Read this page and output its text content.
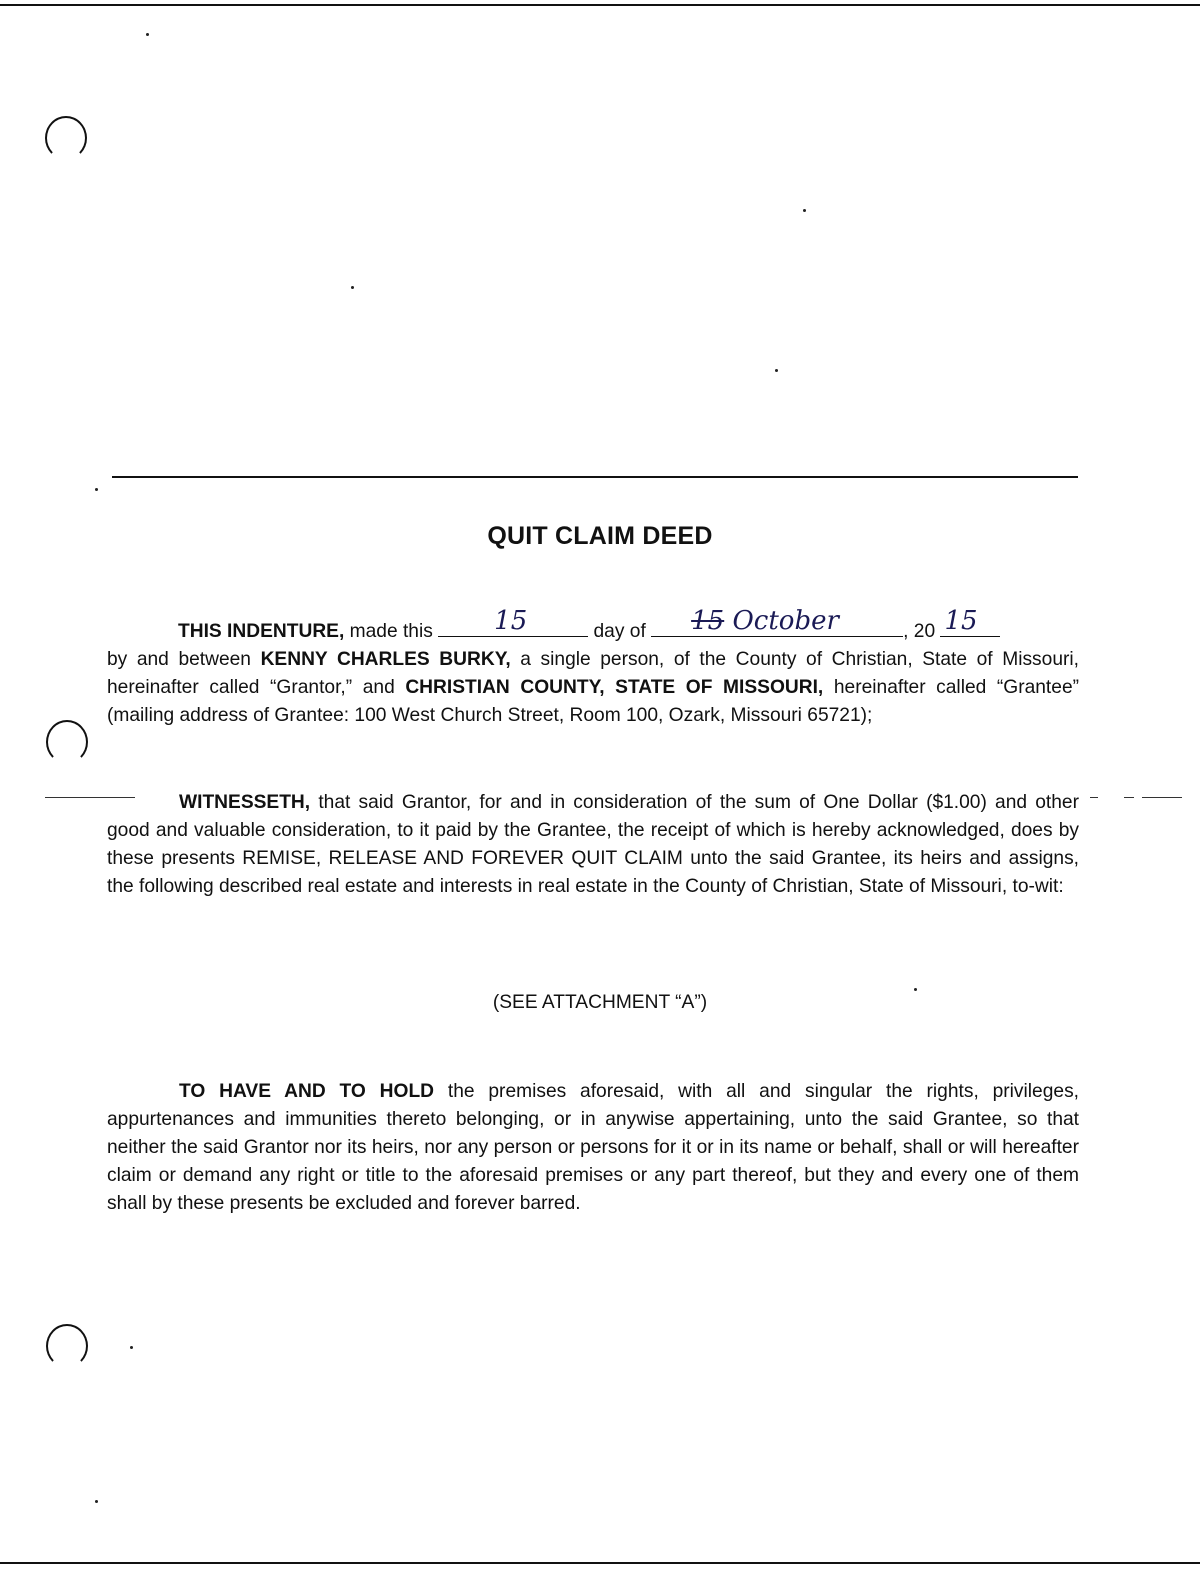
QUIT CLAIM DEED
THIS INDENTURE, made this 15	day of 15 October	, 20 15
by and between KENNY CHARLES BURKY, a single person, of the County of Christian, State of Missouri, hereinafter called “Grantor,” and CHRISTIAN COUNTY, STATE OF MISSOURI, hereinafter called “Grantee” (mailing address of Grantee: 100 West Church Street, Room 100, Ozark, Missouri 65721);
WITNESSETH, that said Grantor, for and in consideration of the sum of One Dollar ($1.00) and other good and valuable consideration, to it paid by the Grantee, the receipt of which is hereby acknowledged, does by these presents REMISE, RELEASE AND FOREVER QUIT CLAIM unto the said Grantee, its heirs and assigns, the following described real estate and interests in real estate in the County of Christian, State of Missouri, to-wit:
(SEE ATTACHMENT “A”)
TO HAVE AND TO HOLD the premises aforesaid, with all and singular the rights, privileges, appurtenances and immunities thereto belonging, or in anywise appertaining, unto the said Grantee, so that neither the said Grantor nor its heirs, nor any person or persons for it or in its name or behalf, shall or will hereafter claim or demand any right or title to the aforesaid premises or any part thereof, but they and every one of them shall by these presents be excluded and forever barred.
